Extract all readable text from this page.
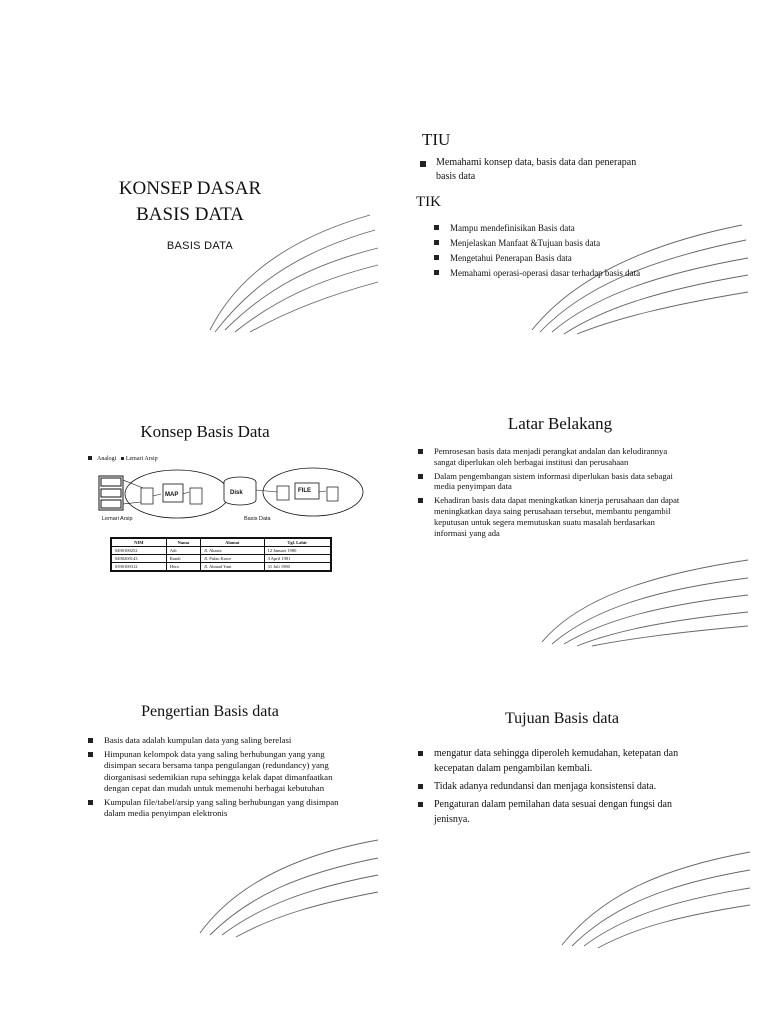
KONSEP DASAR BASIS DATA
BASIS DATA
TIU
Memahami konsep data, basis data dan penerapan basis data
TIK
Mampu mendefinisikan Basis data
Menjelaskan Manfaat &Tujuan basis data
Mengetahui Penerapan Basis data
Memahami operasi-operasi dasar terhadap basis data
Konsep Basis Data
Analogi Lemari Arsip
MAP	Disk	FILE
Lemari Arsip	Basis Data
NIM	Nama	Alamat	Tgl. Lahir
0490100252	Adi	Jl. Akasia	12 Januari 1980
0490200143	Randi	Jl. Pulau Kawe	3 April 1981
0390100312	Hera	Jl. Ahmad Yani	31 Juli 1980
Latar Belakang
Pemrosesan basis data menjadi perangkat andalan dan keludirannya sangat diperlukan oleh berbagai institusi dan perusahaan
Dalam pengembangan sistem informasi diperlukan basis data sebagai media penyimpan data
Kehadiran basis data dapat meningkatkan kinerja perusahaan dan dapat meningkatkan daya saing perusahaan tersebut, membantu pengambil keputusan untuk segera memutuskan suatu masalah berdasarkan informasi yang ada
Pengertian Basis data
Basis data adalah kumpulan data yang saling berelasi
Himpunan kelompok data yang saling berhubungan yang yang disimpan secara bersama tanpa pengulangan (redundancy) yang diorganisasi sedemikian rupa sehingga kelak dapat dimanfaatkan dengan cepat dan mudah untuk memenuhi berbagai kebutuhan
Kumpulan file/tabel/arsip yang saling berhubungan yang disimpan dalam media penyimpan elektronis
Tujuan Basis data
mengatur data sehingga diperoleh kemudahan, ketepatan dan kecepatan dalam pengambilan kembali.
Tidak adanya redundansi dan menjaga konsistensi data.
Pengaturan dalam pemilahan data sesuai dengan fungsi dan jenisnya.
